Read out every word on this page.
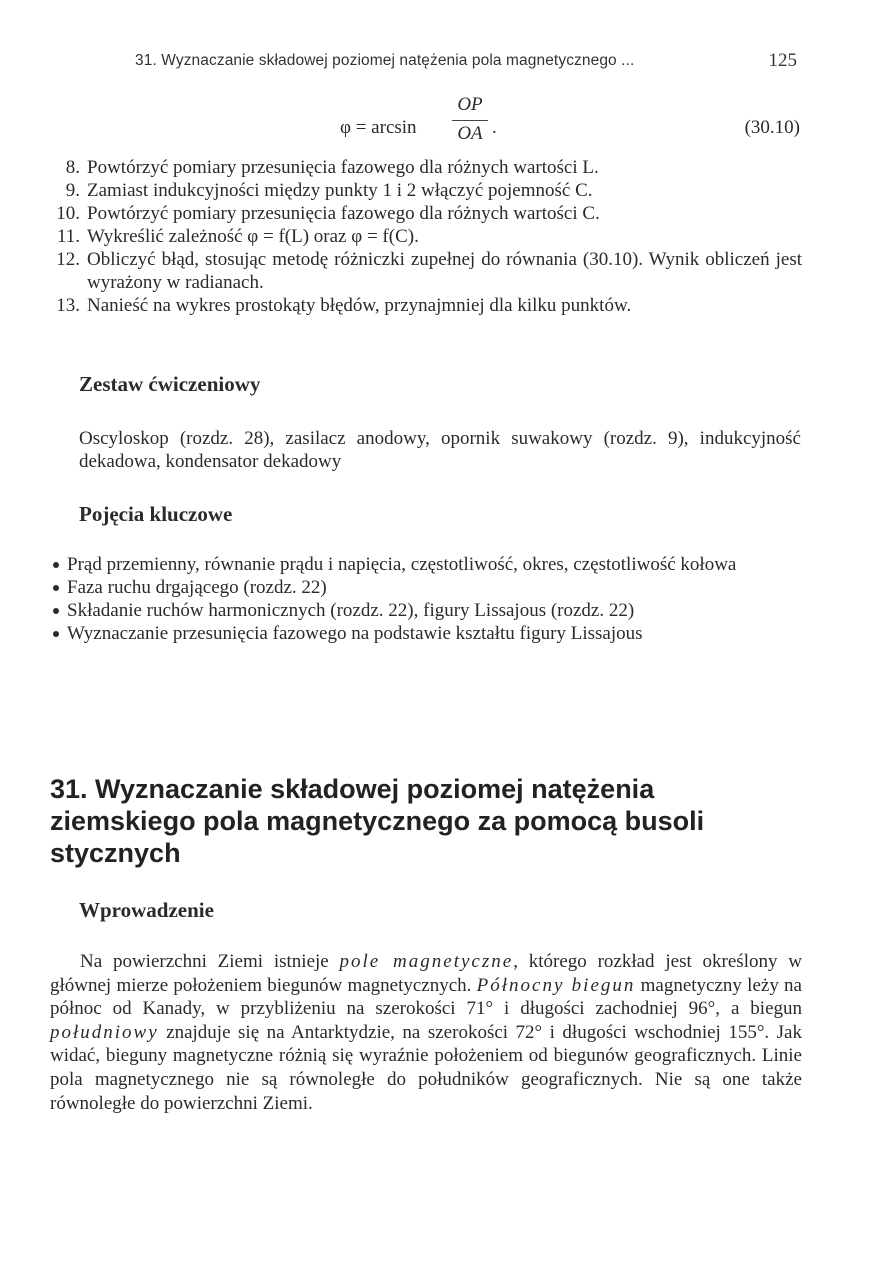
31. Wyznaczanie składowej poziomej natężenia pola magnetycznego ...	125
φ = arcsin
OP
OA .	(30.10)
8. Powtórzyć pomiary przesunięcia fazowego dla różnych wartości L.
9. Zamiast indukcyjności między punkty 1 i 2 włączyć pojemność C.
10. Powtórzyć pomiary przesunięcia fazowego dla różnych wartości C.
11. Wykreślić zależność φ = f(L) oraz φ = f(C).
12. Obliczyć błąd, stosując metodę różniczki zupełnej do równania (30.10). Wynik obliczeń jest wyrażony w radianach.
13. Nanieść na wykres prostokąty błędów, przynajmniej dla kilku punktów.
Zestaw ćwiczeniowy
Oscyloskop (rozdz. 28), zasilacz anodowy, opornik suwakowy (rozdz. 9), indukcyjność dekadowa, kondensator dekadowy
Pojęcia kluczowe
Prąd przemienny, równanie prądu i napięcia, częstotliwość, okres, częstotliwość kołowa
Faza ruchu drgającego (rozdz. 22)
Składanie ruchów harmonicznych (rozdz. 22), figury Lissajous (rozdz. 22)
Wyznaczanie przesunięcia fazowego na podstawie kształtu figury Lissajous
31. Wyznaczanie składowej poziomej natężenia ziemskiego pola magnetycznego za pomocą busoli stycznych
Wprowadzenie

Na powierzchni Ziemi istnieje pole magnetyczne, którego rozkład jest określony w głównej mierze położeniem biegunów magnetycznych. Północny biegun magnetyczny leży na północ od Kanady, w przybliżeniu na szerokości 71° i długości zachodniej 96°, a biegun południowy znajduje się na Antarktydzie, na szerokości 72° i długości wschodniej 155°. Jak widać, bieguny magnetyczne różnią się wyraźnie położeniem od biegunów geograficznych. Linie pola magnetycznego nie są równoległe do południków geograficznych. Nie są one także równoległe do powierzchni Ziemi.
